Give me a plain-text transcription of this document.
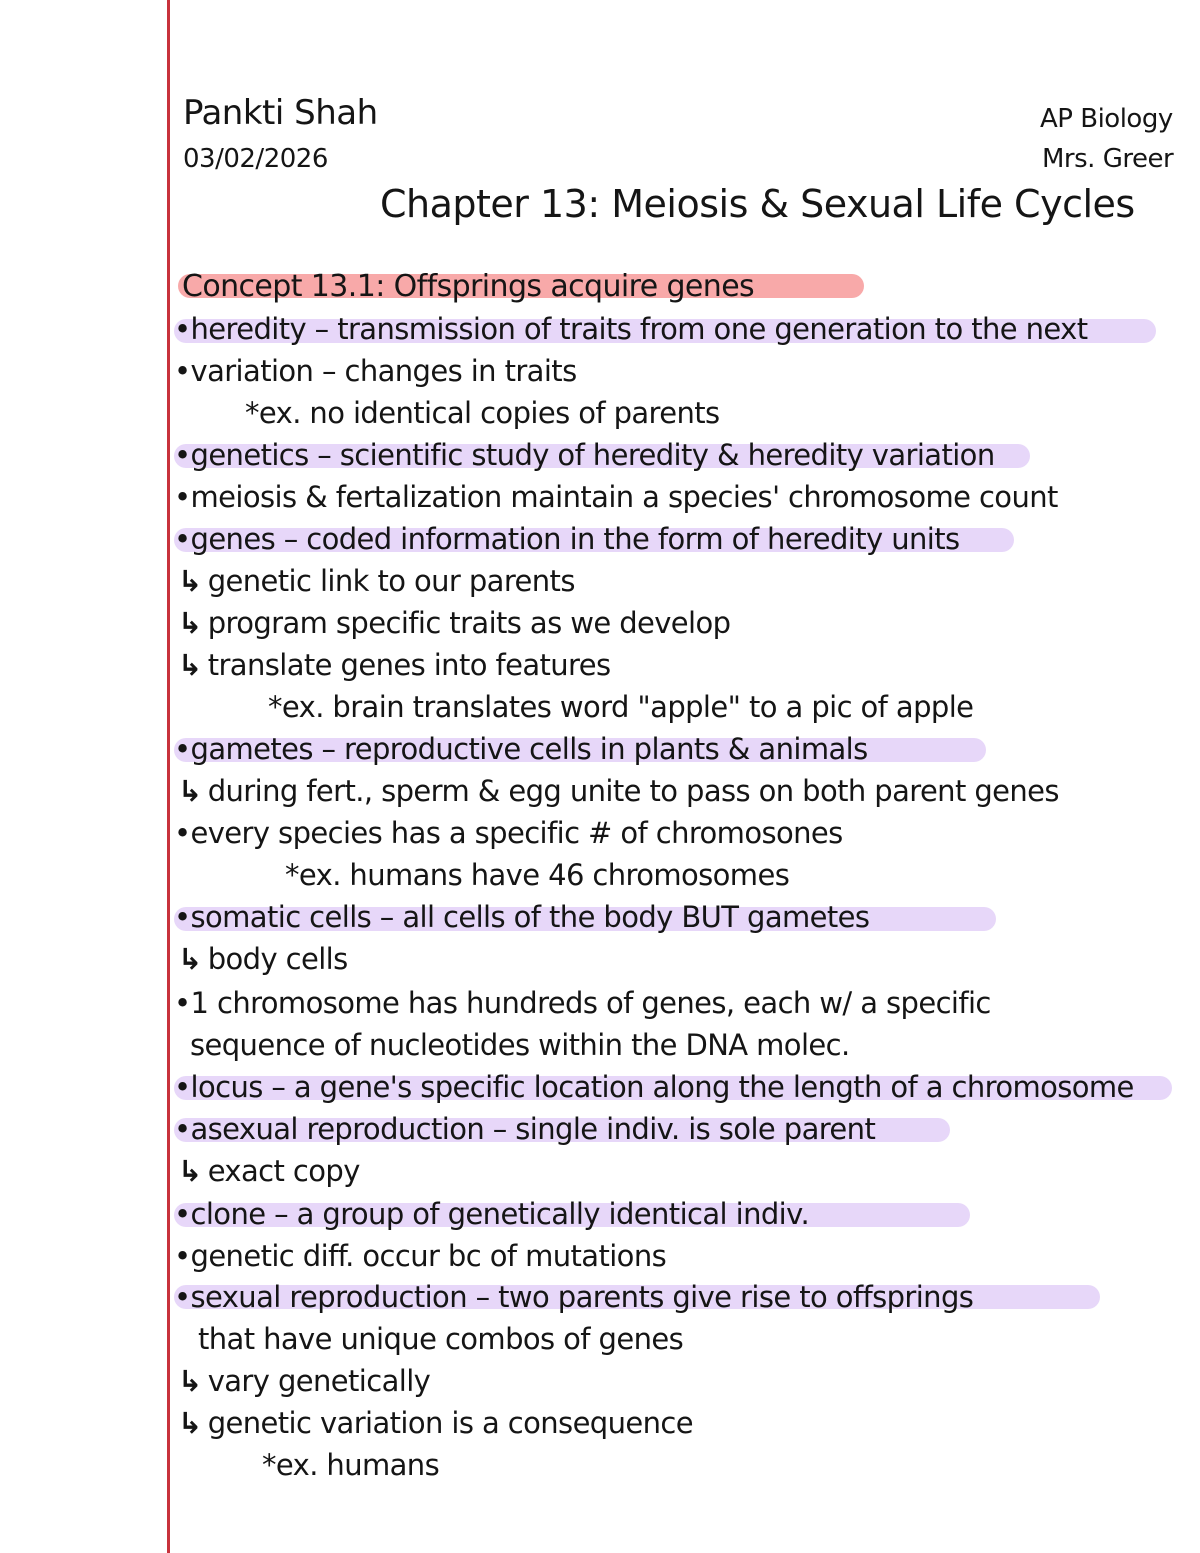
Pankti Shah
03/02/2026
AP Biology
Mrs. Greer
Chapter 13: Meiosis & Sexual Life Cycles
Concept 13.1: Offsprings acquire genes
•heredity – transmission of traits from one generation to the next
•variation – changes in traits
*ex. no identical copies of parents
•genetics – scientific study of heredity & heredity variation
•meiosis & fertalization maintain a species' chromosome count
•genes – coded information in the form of heredity units
↳ genetic link to our parents
↳ program specific traits as we develop
↳ translate genes into features
*ex. brain translates word "apple" to a pic of apple
•gametes – reproductive cells in plants & animals
↳ during fert., sperm & egg unite to pass on both parent genes
•every species has a specific # of chromosones
*ex. humans have 46 chromosomes
•somatic cells – all cells of the body BUT gametes
↳ body cells
•1 chromosome has hundreds of genes, each w/ a specific
sequence of nucleotides within the DNA molec.
•locus – a gene's specific location along the length of a chromosome
•asexual reproduction – single indiv. is sole parent
↳ exact copy
•clone – a group of genetically identical indiv.
•genetic diff. occur bc of mutations
•sexual reproduction – two parents give rise to offsprings
that have unique combos of genes
↳ vary genetically
↳ genetic variation is a consequence
*ex. humans
